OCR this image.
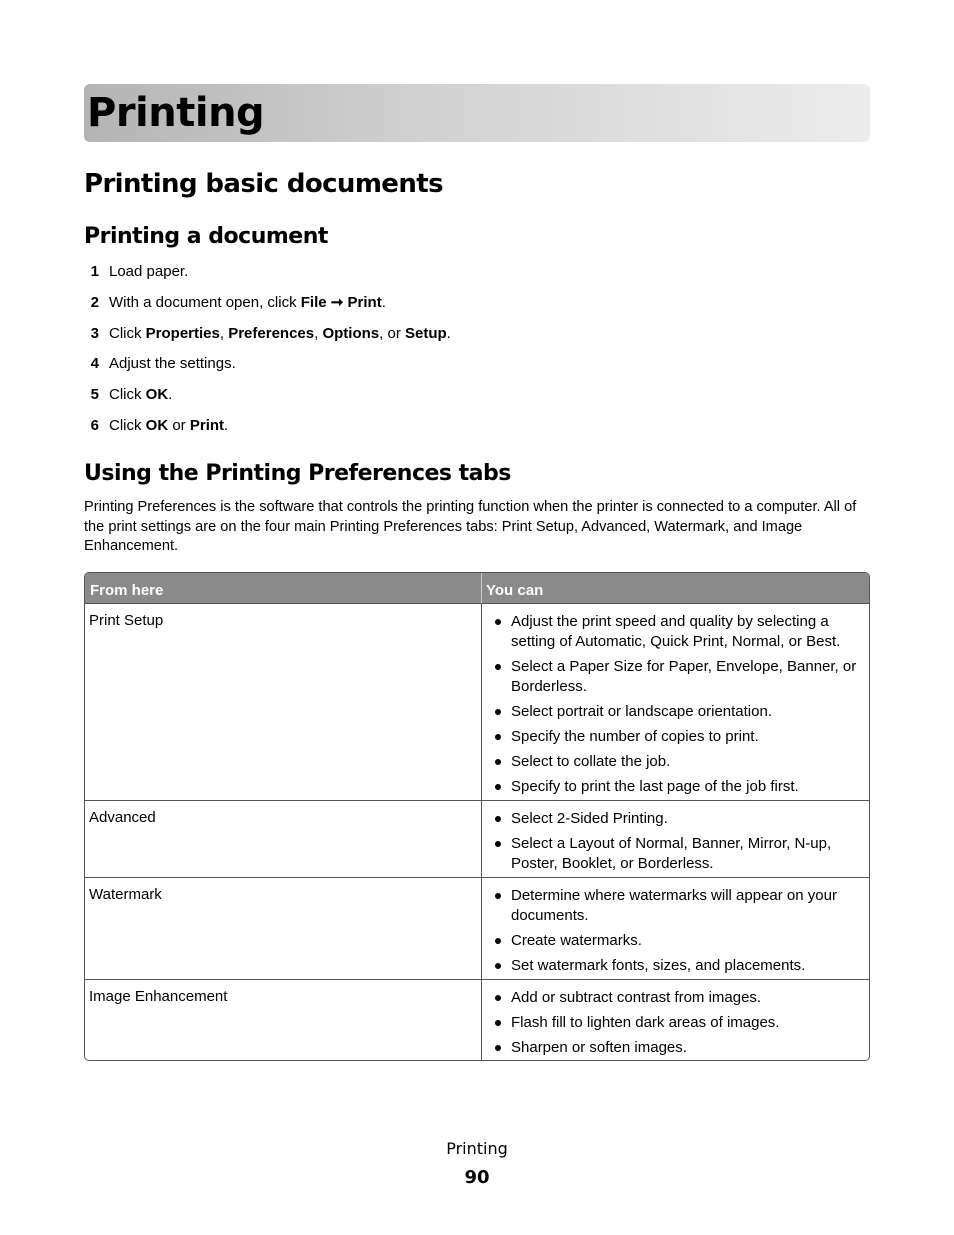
Printing
Printing basic documents
Printing a document
1 Load paper.
2 With a document open, click File ➞ Print.
3 Click Properties, Preferences, Options, or Setup.
4 Adjust the settings.
5 Click OK.
6 Click OK or Print.
Using the Printing Preferences tabs
Printing Preferences is the software that controls the printing function when the printer is connected to a computer. All of the print settings are on the four main Printing Preferences tabs: Print Setup, Advanced, Watermark, and Image Enhancement.
From here	You can
Print Setup	Adjust the print speed and quality by selecting a setting of Automatic, Quick Print, Normal, or Best.
Select a Paper Size for Paper, Envelope, Banner, or Borderless.
Select portrait or landscape orientation.
Specify the number of copies to print.
Select to collate the job.
Specify to print the last page of the job first.
Advanced	Select 2-Sided Printing.
Select a Layout of Normal, Banner, Mirror, N-up, Poster, Booklet, or Borderless.
Watermark	Determine where watermarks will appear on your documents.
Create watermarks.
Set watermark fonts, sizes, and placements.
Image Enhancement	Add or subtract contrast from images.
Flash fill to lighten dark areas of images.
Sharpen or soften images.
Printing
90
